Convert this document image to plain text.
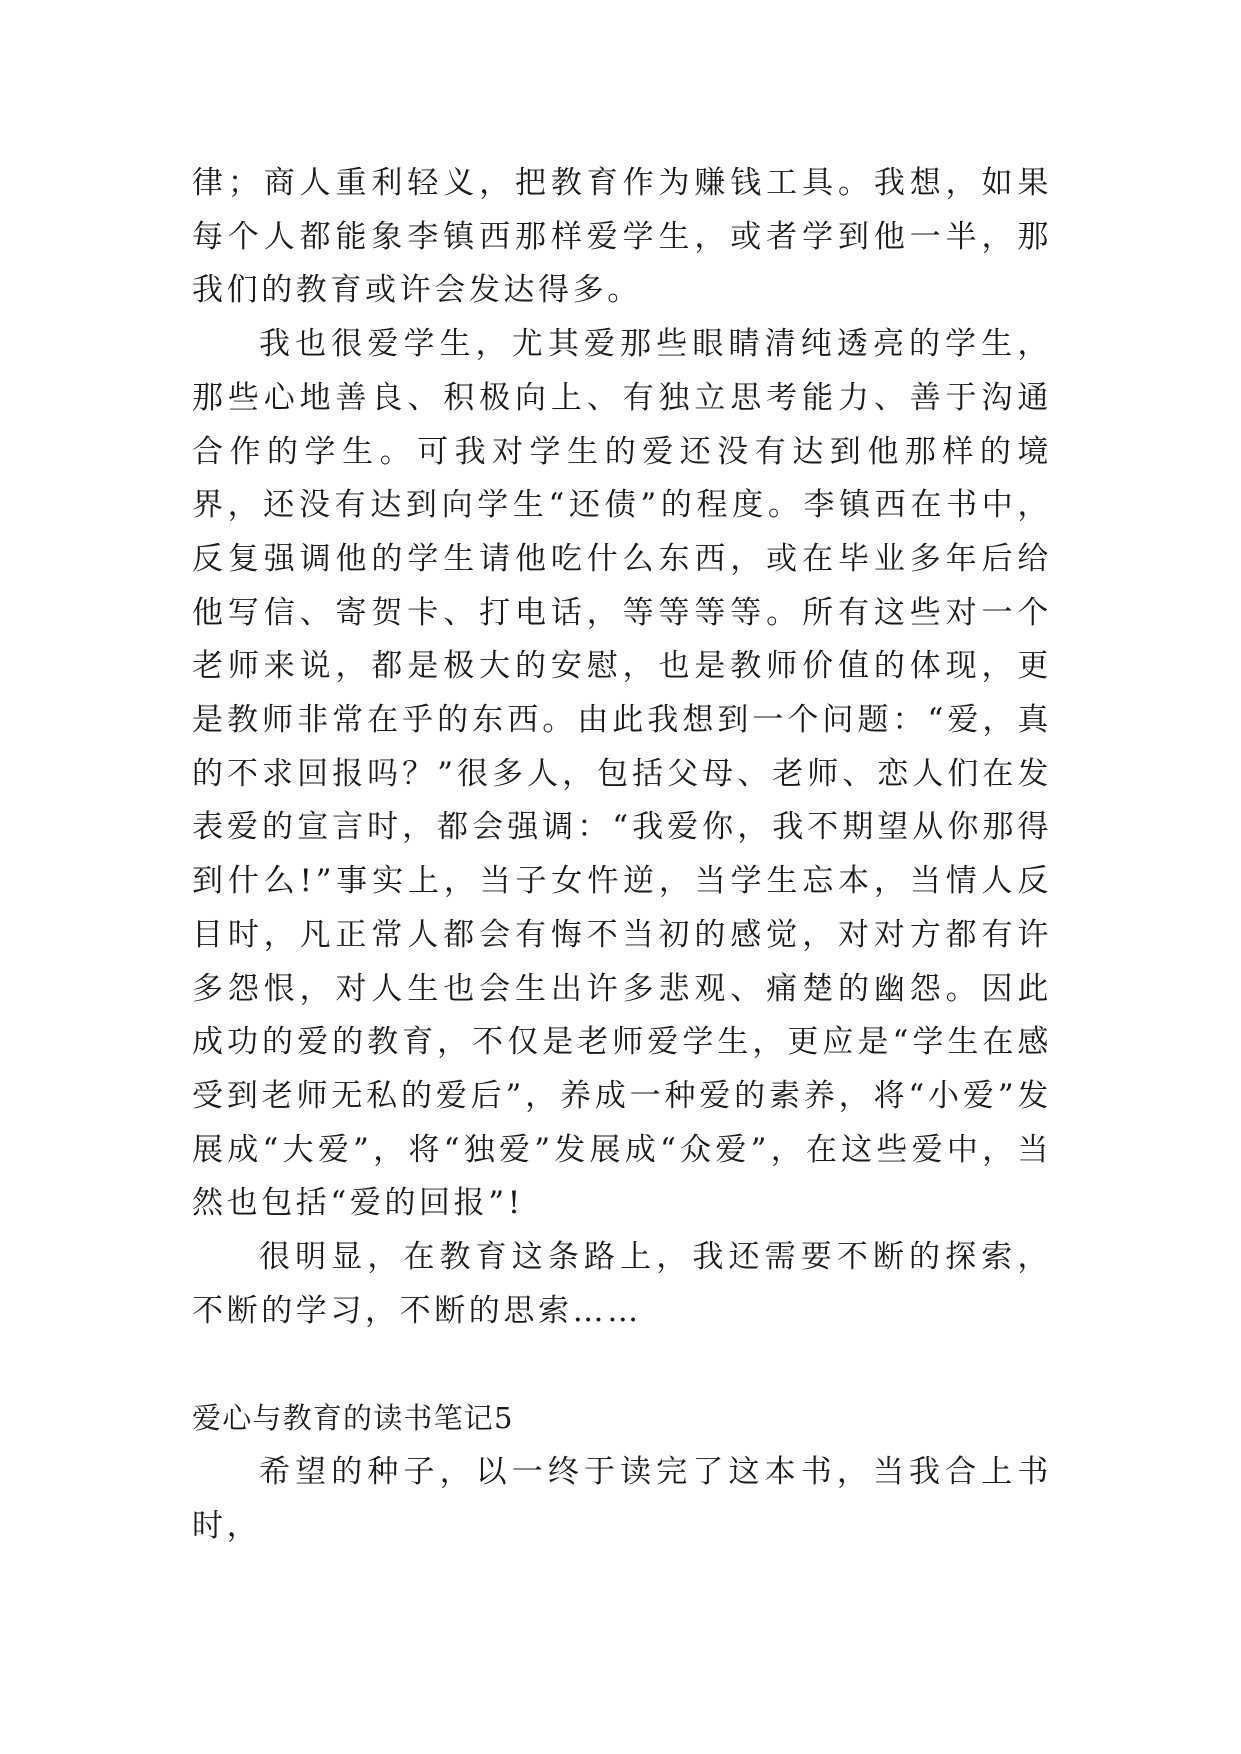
律；商人重利轻义，把教育作为赚钱工具。我想，如果每个人都能象李镇西那样爱学生，或者学到他一半，那我们的教育或许会发达得多。

我也很爱学生，尤其爱那些眼睛清纯透亮的学生，那些心地善良、积极向上、有独立思考能力、善于沟通合作的学生。可我对学生的爱还没有达到他那样的境界，还没有达到向学生“还债”的程度。李镇西在书中，反复强调他的学生请他吃什么东西，或在毕业多年后给他写信、寄贺卡、打电话，等等等等。所有这些对一个老师来说，都是极大的安慰，也是教师价值的体现，更是教师非常在乎的东西。由此我想到一个问题：“爱，真的不求回报吗？”很多人，包括父母、老师、恋人们在发表爱的宣言时，都会强调：“我爱你，我不期望从你那得到什么!”事实上，当子女忤逆，当学生忘本，当情人反目时，凡正常人都会有悔不当初的感觉，对对方都有许多怨恨，对人生也会生出许多悲观、痛楚的幽怨。因此成功的爱的教育，不仅是老师爱学生，更应是“学生在感受到老师无私的爱后”，养成一种爱的素养，将“小爱”发展成“大爱”，将“独爱”发展成“众爱”，在这些爱中，当然也包括“爱的回报”!

很明显，在教育这条路上，我还需要不断的探索，不断的学习，不断的思索……

爱心与教育的读书笔记5

希望的种子，以一终于读完了这本书，当我合上书时，
